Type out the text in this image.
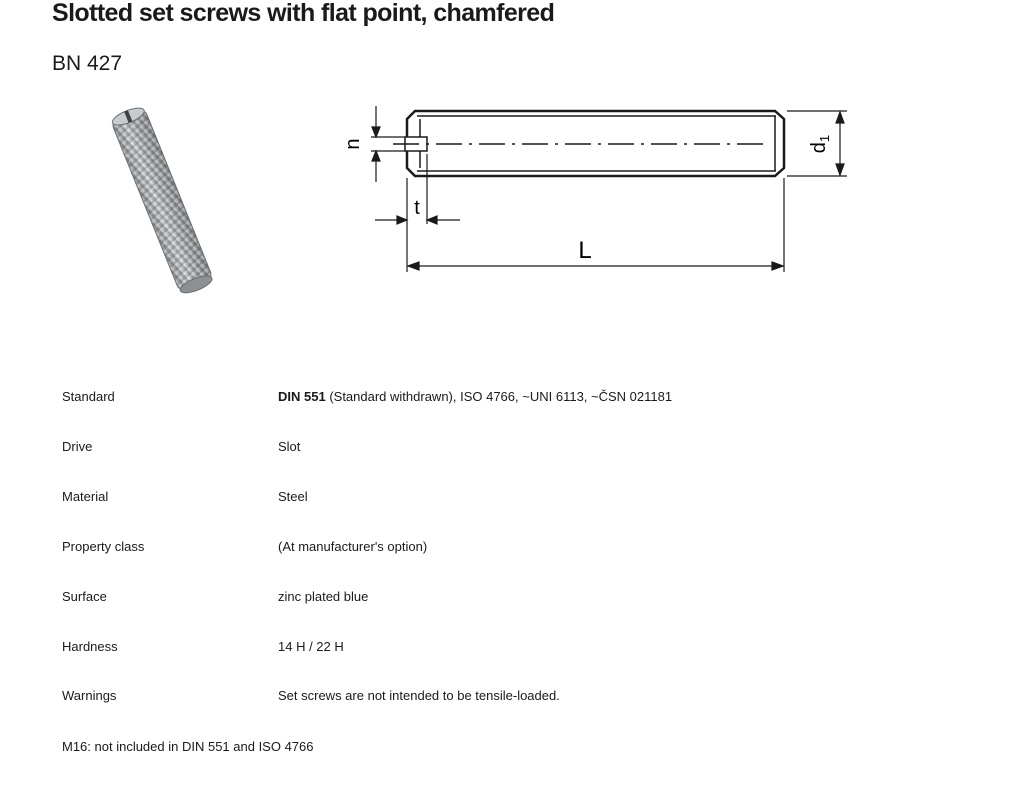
Slotted set screws with flat point, chamfered
BN 427
n	$d_1$
t
L
Standard	DIN 551 (Standard withdrawn), ISO 4766, ~UNI 6113, ~ČSN 021181
Drive	Slot
Material	Steel
Property class	(At manufacturer's option)
Surface	zinc plated blue
Hardness	14 H / 22 H
Warnings	Set screws are not intended to be tensile-loaded.
M16: not included in DIN 551 and ISO 4766
